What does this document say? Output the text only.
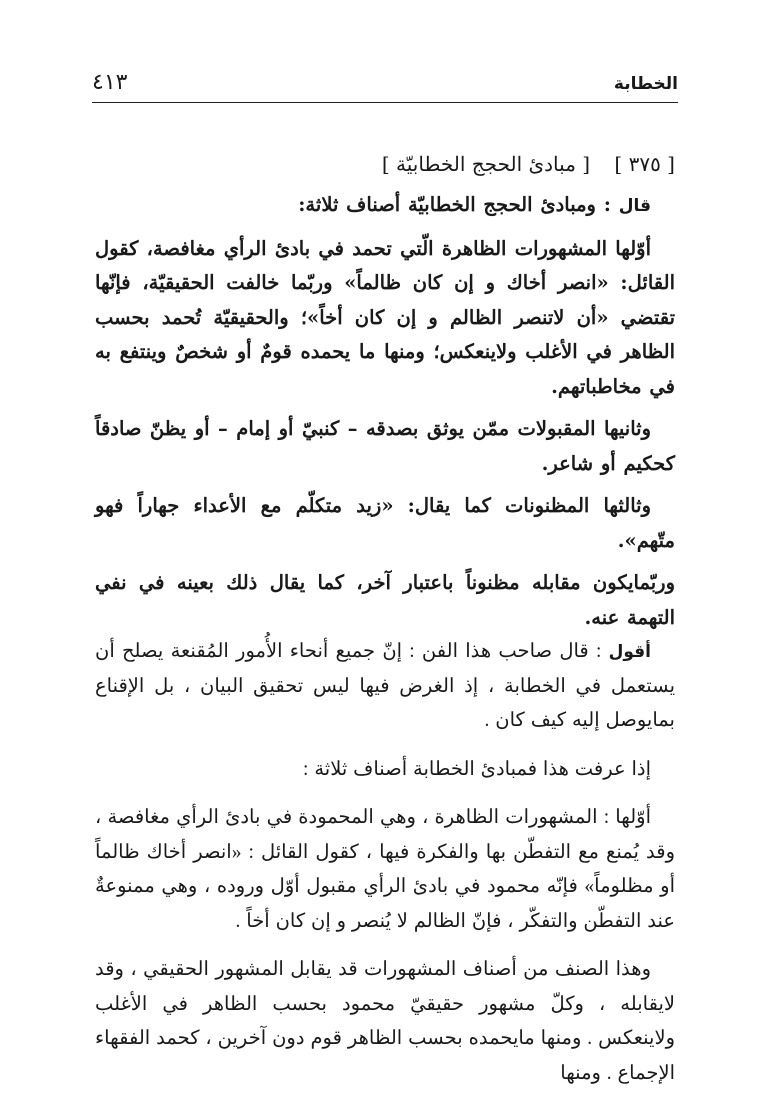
الخطابة
٤١٣
[ ٣٧٥ ] [ مبادئ الحجج الخطابيّة ]

قال : ومبادئ الحجج الخطابيّة أصناف ثلاثة:

أوّلها المشهورات الظاهرة الّتي تحمد في بادئ الرأي مغافصة، كقول القائل: «انصر أخاك و إن كان ظالماً» وربّما خالفت الحقيقيّة، فإنّها تقتضي «أن لاتنصر الظالم و إن كان أخاً»؛ والحقيقيّة تُحمد بحسب الظاهر في الأغلب ولاينعكس؛ ومنها ما يحمده قومٌ أو شخصٌ وينتفع به في مخاطباتهم.

وثانيها المقبولات ممّن يوثق بصدقه – كنبيّ أو إمام – أو يظنّ صادقاً كحكيم أو شاعر.

وثالثها المظنونات كما يقال: «زيد متكلّم مع الأعداء جهاراً فهو متّهم».

وربّمايكون مقابله مظنوناً باعتبار آخر، كما يقال ذلك بعينه في نفي التهمة عنه.

أقول : قال صاحب هذا الفن : إنّ جميع أنحاء الأُمور المُقنعة يصلح أن يستعمل في الخطابة ، إذ الغرض فيها ليس تحقيق البيان ، بل الإقناع بمايوصل إليه كيف كان .

إذا عرفت هذا فمبادئ الخطابة أصناف ثلاثة :

أوّلها : المشهورات الظاهرة ، وهي المحمودة في بادئ الرأي مغافصة ، وقد يُمنع مع التفطّن بها والفكرة فيها ، كقول القائل : «انصر أخاك ظالماً أو مظلوماً» فإنّه محمود في بادئ الرأي مقبول أوّل وروده ، وهي ممنوعةٌ عند التفطّن والتفكّر ، فإنّ الظالم لا يُنصر و إن كان أخاً .

وهذا الصنف من أصناف المشهورات قد يقابل المشهور الحقيقي ، وقد لايقابله ، وكلّ مشهور حقيقيّ محمود بحسب الظاهر في الأغلب ولاينعكس . ومنها مايحمده بحسب الظاهر قوم دون آخرين ، كحمد الفقهاء الإجماع . ومنها
